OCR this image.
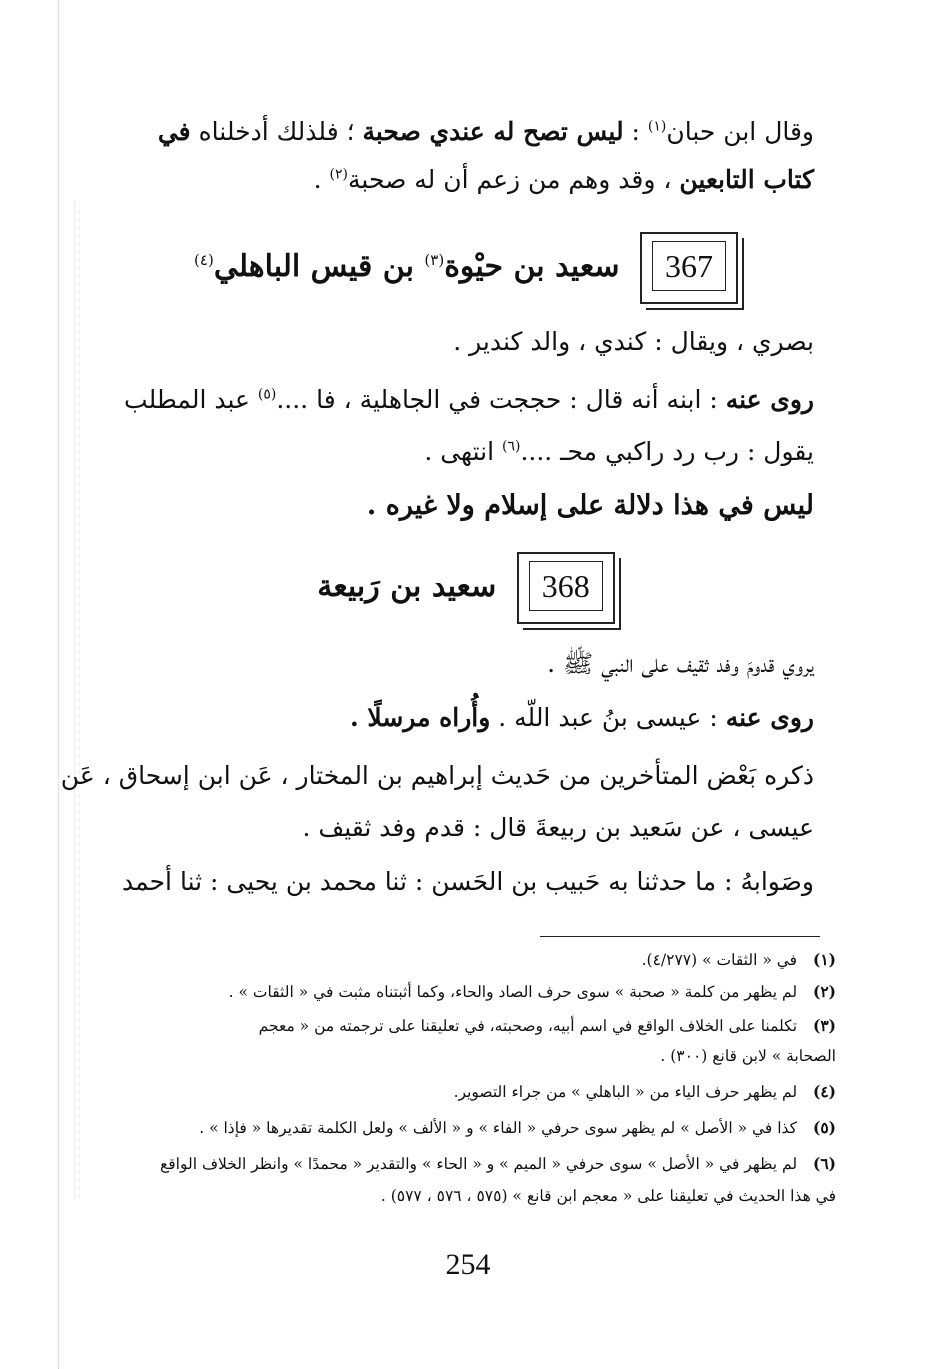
وقال ابن حبان$^{(١)}$ : ليس تصح له عندي صحبة ؛ فلذلك أدخلناه في
كتاب التابعين ، وقد وهم من زعم أن له صحبة$^{(٢)}$ .
367 سعيد بن حيْوة$^{(٣)}$ بن قيس الباهلي$^{(٤)}$
بصري ، ويقال : كندي ، والد كندير .
روى عنه : ابنه أنه قال : حججت في الجاهلية ، فا ....$^{(٥)}$ عبد المطلب
يقول : رب رد راكبي محـ ....$^{(٦)}$ انتهى .
ليس في هذا دلالة على إسلام ولا غيره .
368 سعيد بن رَبيعة
يروي قدومَ وفد ثقيف على النبي ﷺ .
روى عنه : عيسى بنُ عبد اللّه . وأُراه مرسلًا .
ذكره بَعْض المتأخرين من حَديث إبراهيم بن المختار ، عَن ابن إسحاق ، عَن
عيسى ، عن سَعيد بن ربيعةَ قال : قدم وفد ثقيف .
وصَوابهُ : ما حدثنا به حَبيب بن الحَسن : ثنا محمد بن يحيى : ثنا أحمد
(١) في « الثقات » (٤/٢٧٧).
(٢) لم يظهر من كلمة « صحبة » سوى حرف الصاد والحاء، وكما أثبتناه مثبت في « الثقات » .
(٣) تكلمنا على الخلاف الواقع في اسم أبيه، وصحبته، في تعليقنا على ترجمته من « معجم
الصحابة » لابن قانع (٣٠٠) .
(٤) لم يظهر حرف الياء من « الباهلي » من جراء التصوير.
(٥) كذا في « الأصل » لم يظهر سوى حرفي « الفاء » و « الألف » ولعل الكلمة تقديرها « فإذا » .
(٦) لم يظهر في « الأصل » سوى حرفي « الميم » و « الحاء » والتقدير « محمدًا » وانظر الخلاف الواقع
في هذا الحديث في تعليقنا على « معجم ابن قانع » (٥٧٥ ، ٥٧٦ ، ٥٧٧) .
254
